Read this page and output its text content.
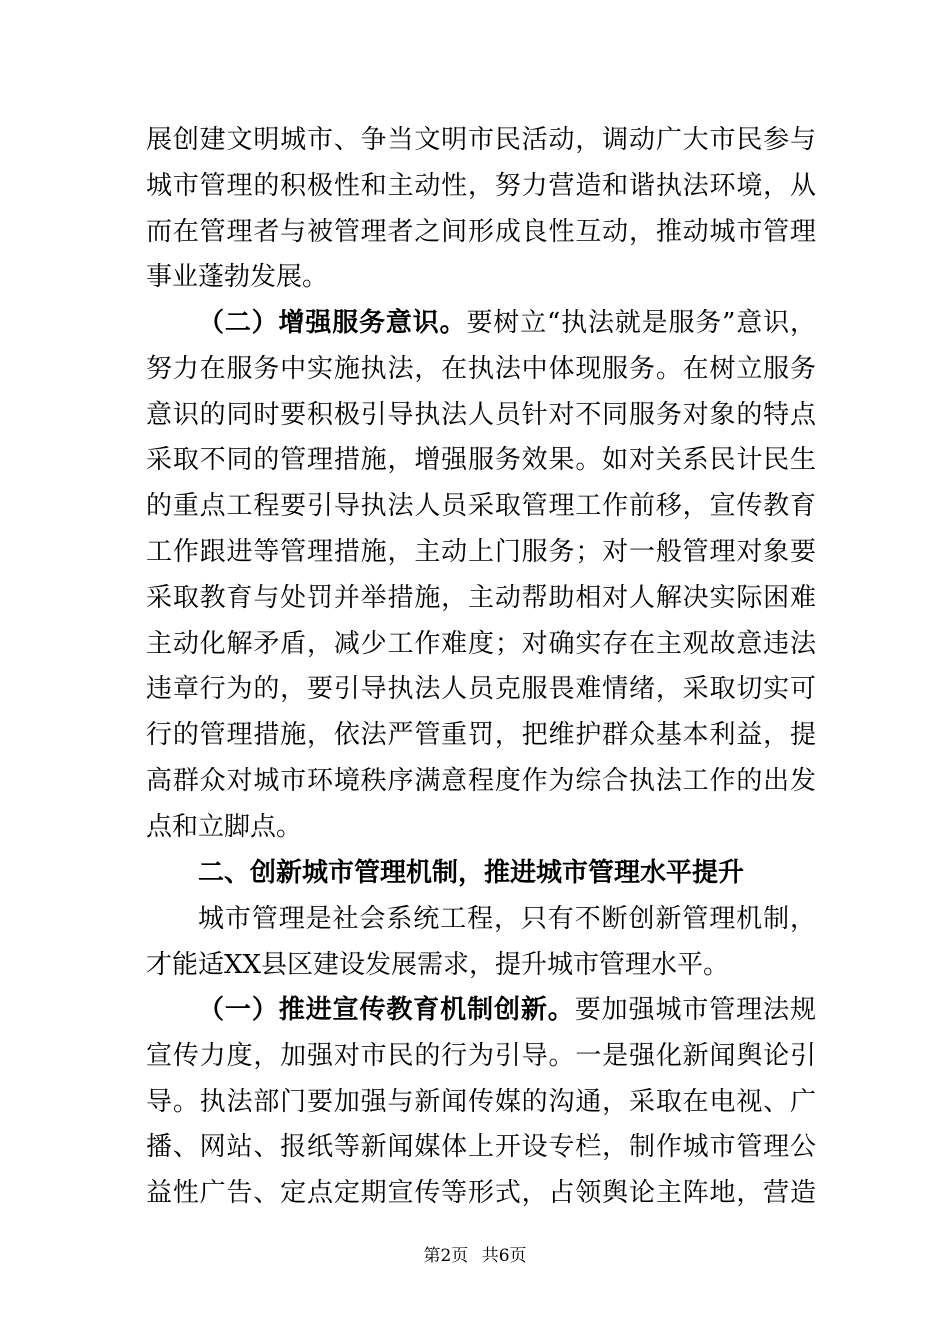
展创建文明城市、争当文明市民活动，调动广大市民参与
城市管理的积极性和主动性，努力营造和谐执法环境，从
而在管理者与被管理者之间形成良性互动，推动城市管理
事业蓬勃发展。
（二）增强服务意识。要树立“执法就是服务”意识，
努力在服务中实施执法，在执法中体现服务。在树立服务
意识的同时要积极引导执法人员针对不同服务对象的特点
采取不同的管理措施，增强服务效果。如对关系民计民生
的重点工程要引导执法人员采取管理工作前移，宣传教育
工作跟进等管理措施，主动上门服务；对一般管理对象要
采取教育与处罚并举措施，主动帮助相对人解决实际困难
主动化解矛盾，减少工作难度；对确实存在主观故意违法
违章行为的，要引导执法人员克服畏难情绪，采取切实可
行的管理措施，依法严管重罚，把维护群众基本利益，提
高群众对城市环境秩序满意程度作为综合执法工作的出发
点和立脚点。
二、创新城市管理机制，推进城市管理水平提升
城市管理是社会系统工程，只有不断创新管理机制，
才能适XX县区建设发展需求，提升城市管理水平。
（一）推进宣传教育机制创新。要加强城市管理法规
宣传力度，加强对市民的行为引导。一是强化新闻舆论引
导。执法部门要加强与新闻传媒的沟通，采取在电视、广
播、网站、报纸等新闻媒体上开设专栏，制作城市管理公
益性广告、定点定期宣传等形式，占领舆论主阵地，营造
第2页 共6页
